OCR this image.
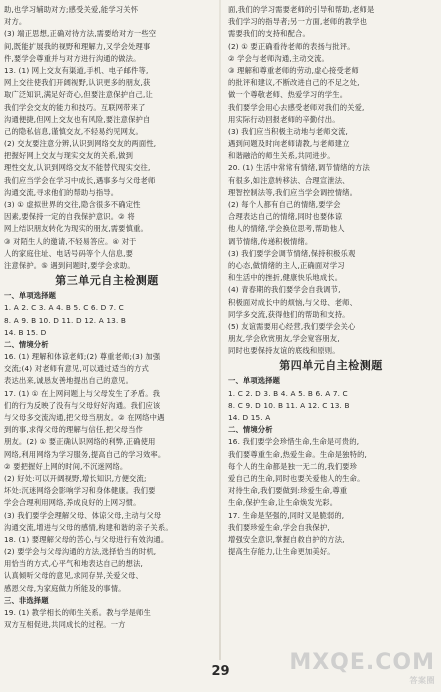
助,也学习辅助对方;感受关爱,能学习关怀
对方。
(3) 端正思想,正确对待方法,需要给对方一些空
间,既能扩展我的视野和理解力,又学会处理事
件,要学会尊重并与对方进行沟通的做法。
13. (1) 网上交友有渠道,手机、电子邮件等,
网上交往使我们开阔视野,认识更多的朋友,获
取广泛知识,满足好奇心,但要注意保护自己,让
我们学会交友的能力和技巧。互联网带来了
沟通便捷,但网上交友也有风险,要注意保护自
己的隐私信息,谨慎交友,不轻易约见网友。
(2) 交友要注意分辨,认识到网络交友的两面性,
把握好网上交友与现实交友的关系,做到
理性交友,认识到网络交友不能替代现实交往,
我们应当学会在学习中成长,遇事多与父母老师
沟通交流,寻求他们的帮助与指导。
(3) ① 虚拟世界的交往,隐含很多不确定性
因素,要保持一定的自我保护意识。② 将
网上结识朋友转化为现实的朋友,需要慎重。
③ 对陌生人的邀请,不轻易答应。④ 对于
人的家庭住址、电话号码等个人信息,要
注意保护。⑤ 遇到问题时,要学会求助。
第三单元自主检测题
一、单项选择题
1. A 2. C 3. A 4. B 5. C 6. D 7. C
8. A 9. B 10. D 11. D 12. A 13. B
14. B 15. D
二、情境分析
16. (1) 理解和体谅老师;(2) 尊重老师;(3) 加强
交流;(4) 对老师有意见,可以通过适当的方式
表达出来,诚恳友善地提出自己的意见。
17. (1) ① 在上网问题上与父母发生了矛盾。我
们的行为反映了没有与父母好好沟通。我们应该
与父母多交流沟通,把父母当朋友。② 在网络中遇
到的事,求得父母的理解与信任,把父母当作
朋友。(2) ① 要正确认识网络的利弊,正确使用
网络,利用网络为学习服务,提高自己的学习效率。
② 要把握好上网的时间,不沉迷网络。
(2) 好处:可以开阔视野,增长知识,方便交流;
坏处:沉迷网络会影响学习和身体健康。我们要
学会合理利用网络,养成良好的上网习惯。
(3) 我们要学会理解父母、体谅父母,主动与父母
沟通交流,增进与父母的感情,构建和谐的亲子关系。
18. (1) 要理解父母的苦心,与父母进行有效沟通。
(2) 要学会与父母沟通的方法,选择恰当的时机,
用恰当的方式,心平气和地表达自己的想法,
认真倾听父母的意见,求同存异,关爱父母、
感恩父母,为家庭做力所能及的事情。
三、非选择题
19. (1) 教学相长的师生关系。教与学是师生
双方互相促进,共同成长的过程。一方
面,我们的学习需要老师的引导和帮助,老师是
我们学习的指导者;另一方面,老师的教学也
需要我们的支持和配合。
(2) ① 要正确看待老师的表扬与批评。
② 学会与老师沟通,主动交流。
③ 理解和尊重老师的劳动,虚心接受老师
的批评和建议,不断改进自己的不足之处,
做一个尊敬老师、热爱学习的学生。
我们要学会用心去感受老师对我们的关爱,
用实际行动回报老师的辛勤付出。
(3) 我们应当积极主动地与老师交流,
遇到问题及时向老师请教,与老师建立
和谐融洽的师生关系,共同进步。
20. (1) 生活中常常有情绪,调节情绪的方法
有很多,如注意转移法、合理宣泄法、
理智控制法等,我们应当学会调控情绪。
(2) 每个人都有自己的情绪,要学会
合理表达自己的情绪,同时也要体谅
他人的情绪,学会换位思考,帮助他人
调节情绪,传递积极情绪。
(3) 我们要学会调节情绪,保持积极乐观
的心态,做情绪的主人,正确面对学习
和生活中的挫折,健康快乐地成长。
(4) 青春期的我们要学会自我调节,
积极面对成长中的烦恼,与父母、老师、
同学多交流,获得他们的帮助和支持。
(5) 友谊需要用心经营,我们要学会关心
朋友,学会欣赏朋友,学会宽容朋友,
同时也要保持友谊的底线和原则。
第四单元自主检测题
一、单项选择题
1. C 2. D 3. B 4. A 5. B 6. A 7. C
8. C 9. D 10. B 11. A 12. C 13. B
14. D 15. A
二、情境分析
16. 我们要学会珍惜生命,生命是可贵的,
我们要尊重生命,热爱生命。生命是独特的,
每个人的生命都是独一无二的,我们要珍
爱自己的生命,同时也要关爱他人的生命。
对待生命,我们要做到:珍爱生命,尊重
生命,保护生命,让生命焕发光彩。
17. 生命是坚强的,同时又是脆弱的,
我们要珍爱生命,学会自我保护,
增强安全意识,掌握自救自护的方法,
提高生存能力,让生命更加美好。
29	MXQE.COM
答案圈
